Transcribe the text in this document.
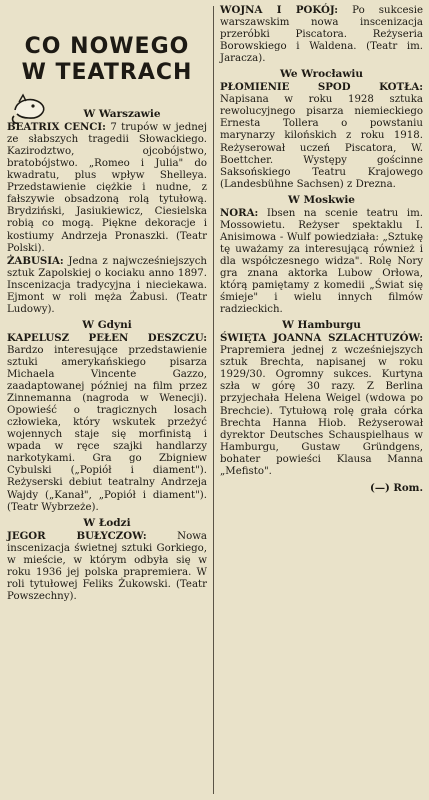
CO NOWEGO
W TEATRACH
W Warszawie

BEATRIX CENCI: 7 trupów w jednej ze słabszych tragedii Słowackiego. Kazirodztwo, ojcobójstwo, bratobójstwo. „Romeo i Julia" do kwadratu, plus wpływ Shelleya. Przedstawienie ciężkie i nudne, z fałszywie obsadzoną rolą tytułową. Brydziński, Jasiukiewicz, Ciesielska robią co mogą. Piękne dekoracje i kostiumy Andrzeja Pronaszki. (Teatr Polski).

ŻABUSIA: Jedna z najwcześniejszych sztuk Zapolskiej o kociaku anno 1897. Inscenizacja tradycyjna i nieciekawa. Ejmont w roli męża Żabusi. (Teatr Ludowy).

W Gdyni

KAPELUSZ PEŁEN DESZCZU: Bardzo interesujące przedstawienie sztuki amerykańskiego pisarza Michaela Vincente Gazzo, zaadaptowanej później na film przez Zinnemanna (nagroda w Wenecji). Opowieść o tragicznych losach człowieka, który wskutek przeżyć wojennych staje się morfinistą i wpada w ręce szajki handlarzy narkotykami. Gra go Zbigniew Cybulski („Popiół i diament"). Reżyserski debiut teatralny Andrzeja Wajdy („Kanał", „Popiół i diament"). (Teatr Wybrzeże).

W Łodzi

JEGOR BUŁYCZOW:	Nowa inscenizacja świetnej sztuki Gorkiego, w mieście, w którym odbyła się w roku 1936 jej polska prapremiera. W roli tytułowej Feliks Żukowski. (Teatr Powszechny).

WOJNA I POKÓJ: Po sukcesie warszawskim nowa inscenizacja przeróbki Piscatora. Reżyseria Borowskiego i Waldena. (Teatr im. Jaracza).

We Wrocławiu

PŁOMIENIE SPOD KOTŁA: Napisana w roku 1928 sztuka rewolucyjnego pisarza niemieckiego Ernesta Tollera o powstaniu marynarzy kilońskich z roku 1918. Reżyserował uczeń Piscatora, W. Boettcher. Występy gościnne Saksońskiego Teatru Krajowego (Landesbühne Sachsen) z Drezna.

W Moskwie

NORA: Ibsen na scenie teatru im. Mossowietu. Reżyser spektaklu I. Anisimowa - Wulf powiedziała: „Sztukę tę uważamy za interesującą również i dla współczesnego widza". Rolę Nory gra znana aktorka Lubow Orłowa, którą pamiętamy z komedii „Świat się śmieje" i wielu innych filmów radzieckich.

W Hamburgu

ŚWIĘTA JOANNA SZLACHTUZÓW: Prapremiera jednej z wcześniejszych sztuk Brechta, napisanej w roku 1929/30. Ogromny sukces. Kurtyna szła w górę 30 razy. Z Berlina przyjechała Helena Weigel (wdowa po Brechcie). Tytułową rolę grała córka Brechta Hanna Hiob. Reżyserował dyrektor Deutsches Schauspielhaus w Hamburgu, Gustaw Gründgens, bohater powieści Klausa Manna „Mefisto".

(—) Rom.
